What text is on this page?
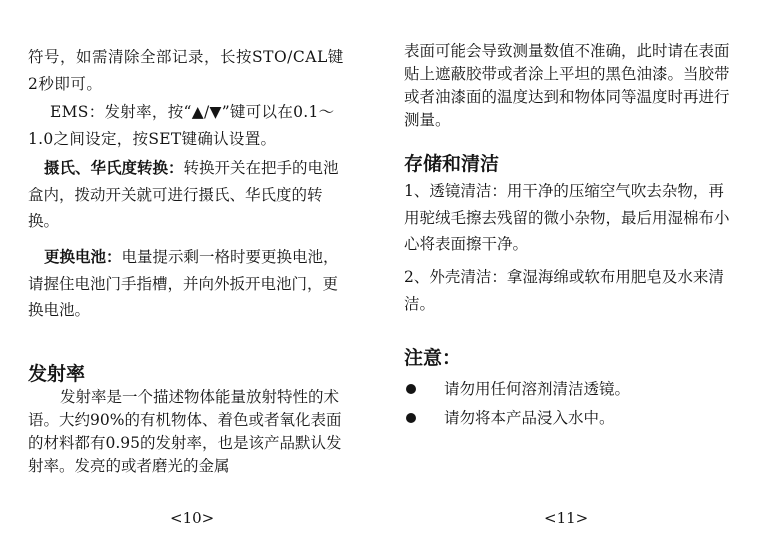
符号，如需清除全部记录，长按STO/CAL键2秒即可。

EMS：发射率，按“▲/▼”键可以在0.1～1.0之间设定，按SET键确认设置。

摄氏、华氏度转换：转换开关在把手的电池盒内，拨动开关就可进行摄氏、华氏度的转换。

更换电池：电量提示剩一格时要更换电池，请握住电池门手指槽，并向外扳开电池门，更换电池。

发射率

发射率是一个描述物体能量放射特性的术语。大约90%的有机物体、着色或者氧化表面的材料都有0.95的发射率，也是该产品默认发射率。发亮的或者磨光的金属

<10>

表面可能会导致测量数值不准确，此时请在表面贴上遮蔽胶带或者涂上平坦的黑色油漆。当胶带或者油漆面的温度达到和物体同等温度时再进行测量。

存储和清洁

1、透镜清洁：用干净的压缩空气吹去杂物，再用驼绒毛擦去残留的微小杂物，最后用湿棉布小心将表面擦干净。

2、外壳清洁：拿湿海绵或软布用肥皂及水来清洁。

注意：
请勿用任何溶剂清洁透镜。
请勿将本产品浸入水中。
<11>
